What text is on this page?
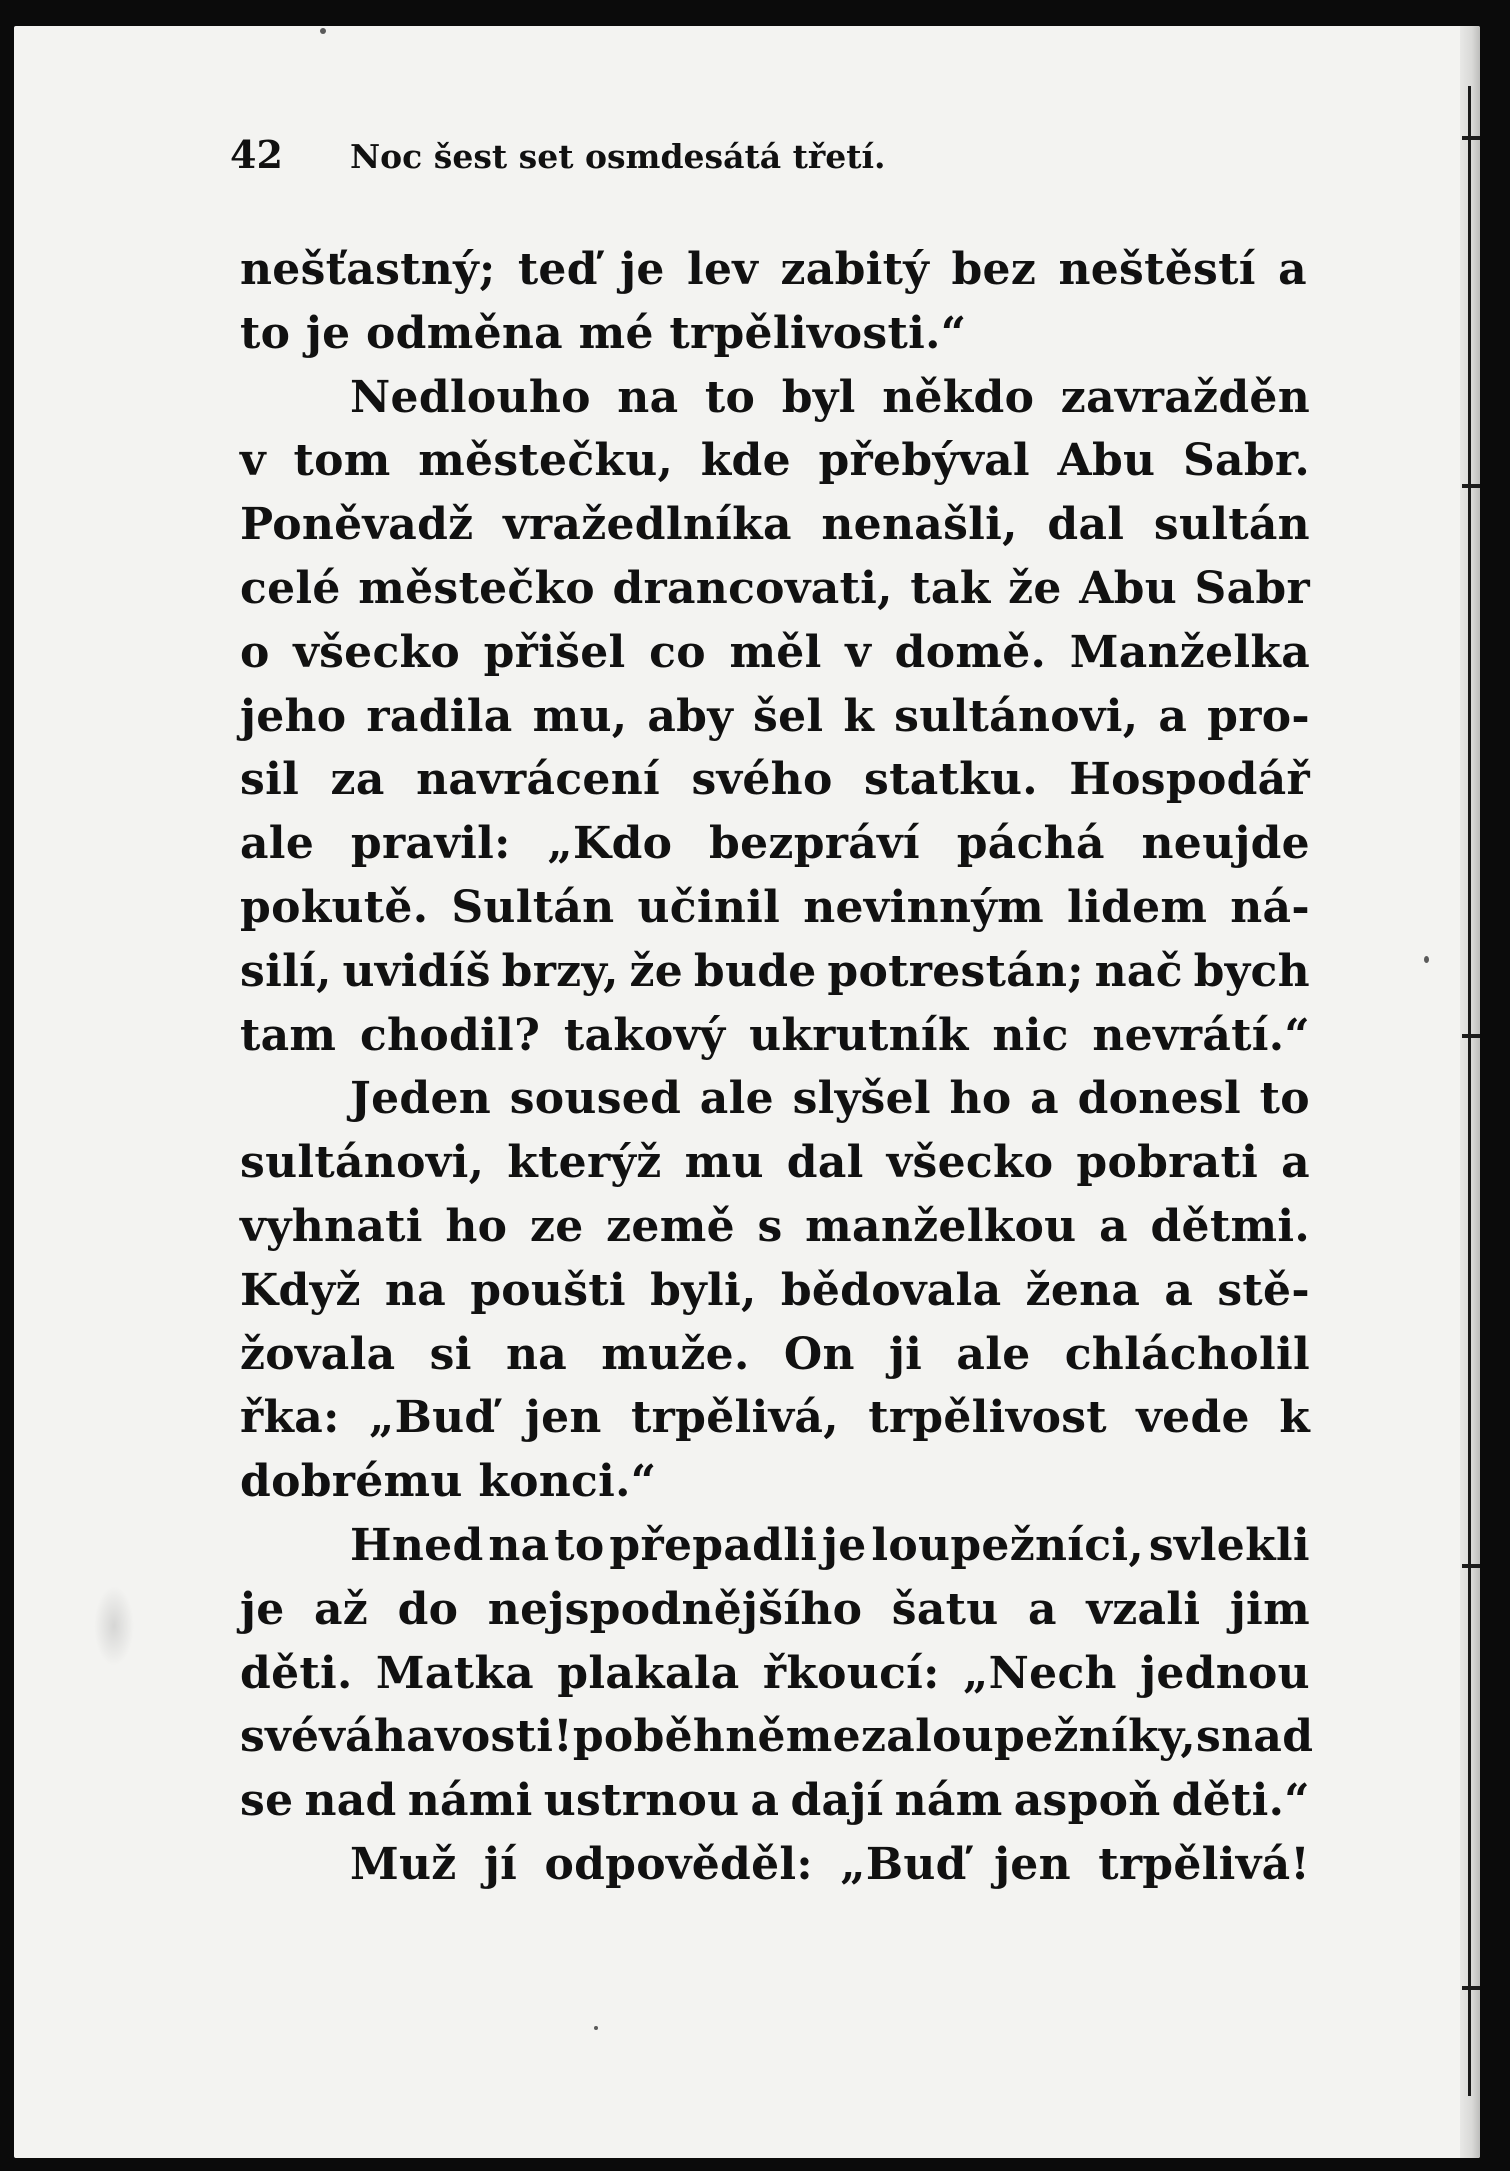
42 Noc šest set osmdesátá třetí.
nešťastný; teď je lev zabitý bez neštěstí a
to je odměna mé trpělivosti.“
Nedlouho na to byl někdo zavražděn
v tom městečku, kde přebýval Abu Sabr.
Poněvadž vražedlníka nenašli, dal sultán
celé městečko drancovati, tak že Abu Sabr
o všecko přišel co měl v domě. Manželka
jeho radila mu, aby šel k sultánovi, a pro-
sil za navrácení svého statku. Hospodář
ale pravil: „Kdo bezpráví páchá neujde
pokutě. Sultán učinil nevinným lidem ná-
silí, uvidíš brzy, že bude potrestán; nač bych
tam chodil? takový ukrutník nic nevrátí.“
Jeden soused ale slyšel ho a donesl to
sultánovi, kterýž mu dal všecko pobrati a
vyhnati ho ze země s manželkou a dětmi.
Když na poušti byli, bědovala žena a stě-
žovala si na muže. On ji ale chlácholil
řka: „Buď jen trpělivá, trpělivost vede k
dobrému konci.“
Hned na to přepadli je loupežníci, svlekli
je až do nejspodnějšího šatu a vzali jim
děti. Matka plakala řkoucí: „Nech jednou
své váhavosti! poběhněme za loupežníky, snad
se nad námi ustrnou a dají nám aspoň děti.“
Muž jí odpověděl: „Buď jen trpělivá!
